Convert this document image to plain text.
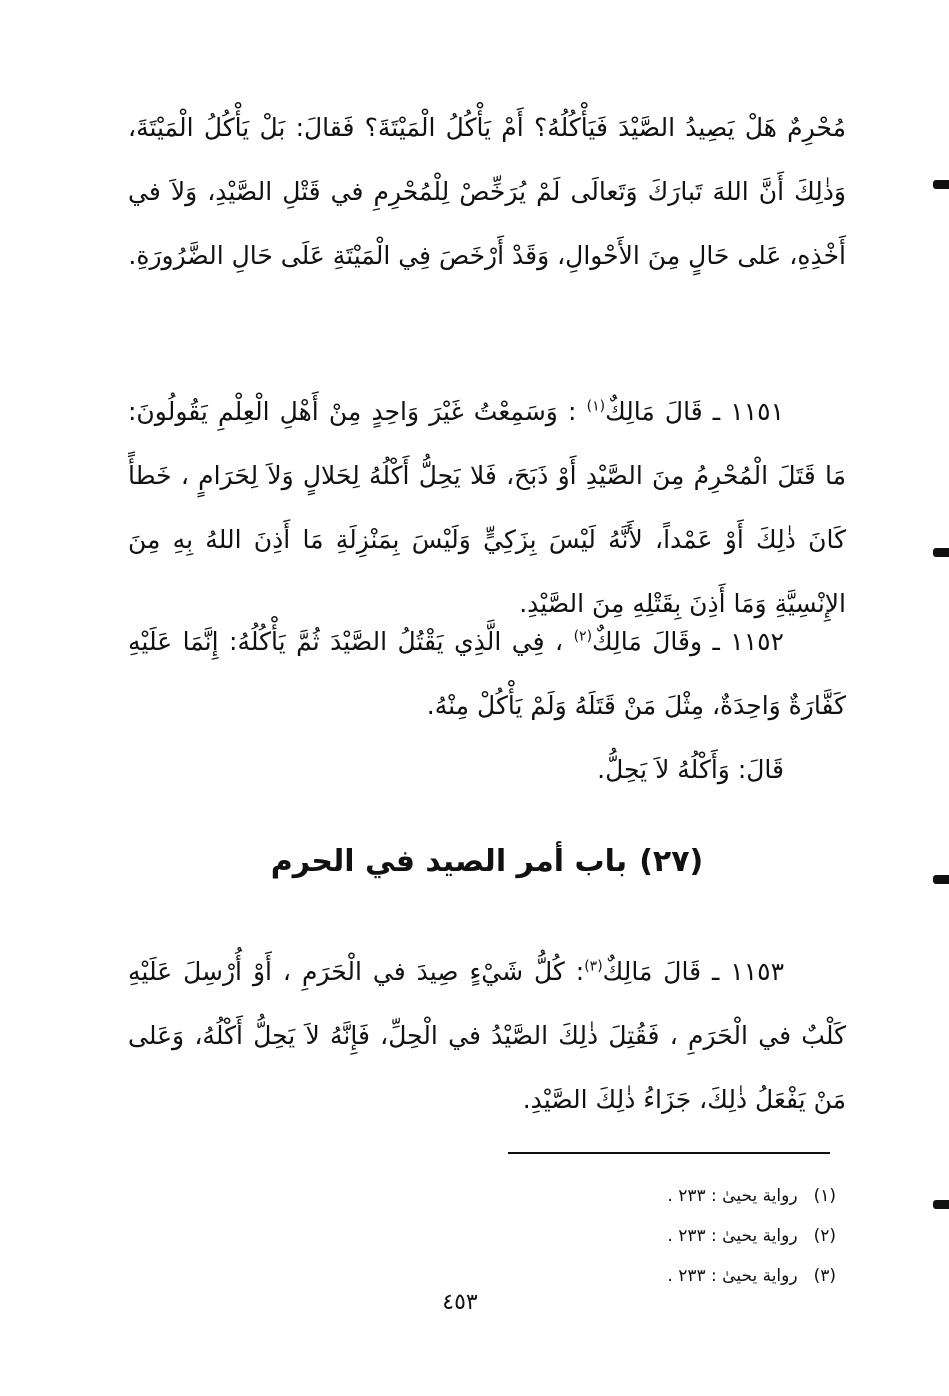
مُحْرِمٌ هَلْ يَصِيدُ الصَّيْدَ فَيَأْكُلُهُ؟ أَمْ يَأْكُلُ الْمَيْتَةَ؟ فَقالَ: بَلْ يَأْكُلُ الْمَيْتَةَ، وَذٰلِكَ أَنَّ اللهَ تَبارَكَ وَتَعالَى لَمْ يُرَخِّصْ لِلْمُحْرِمِ في قَتْلِ الصَّيْدِ، وَلاَ في أَخْذِهِ، عَلى حَالٍ مِنَ الأَحْوالِ، وَقَدْ أَرْخَصَ فِي الْمَيْتَةِ عَلَى حَالِ الضَّرُورَةِ.

١١٥١ ـ قَالَ مَالِكٌ$^{(١)}$ : وَسَمِعْتُ غَيْرَ وَاحِدٍ مِنْ أَهْلِ الْعِلْمِ يَقُولُونَ: مَا قَتَلَ الْمُحْرِمُ مِنَ الصَّيْدِ أَوْ ذَبَحَ، فَلا يَحِلُّ أَكْلُهُ لِحَلالٍ وَلاَ لِحَرَامٍ ، خَطأً كَانَ ذٰلِكَ أَوْ عَمْداً، لأَنَّهُ لَيْسَ بِزَكِيٍّ وَلَيْسَ بِمَنْزِلَةِ مَا أَذِنَ اللهُ بِهِ مِنَ الإِنْسِيَّةِ وَمَا أَذِنَ بِقَتْلِهِ مِنَ الصَّيْدِ.

١١٥٢ ـ وقَالَ مَالِكٌ$^{(٢)}$ ، فِي الَّذِي يَقْتُلُ الصَّيْدَ ثُمَّ يَأْكُلُهُ: إِنَّمَا عَلَيْهِ كَفَّارَةٌ وَاحِدَةٌ، مِثْلَ مَنْ قَتَلَهُ وَلَمْ يَأْكُلْ مِنْهُ.

قَالَ: وَأَكْلُهُ لاَ يَحِلُّ.

(٢٧)باب أمر الصيد في الحرم

١١٥٣ ـ قَالَ مَالِكٌ$^{(٣)}$: كُلُّ شَيْءٍ صِيدَ في الْحَرَمِ ، أَوْ أُرْسِلَ عَلَيْهِ كَلْبٌ في الْحَرَمِ ، فَقُتِلَ ذٰلِكَ الصَّيْدُ في الْحِلِّ، فَإِنَّهُ لاَ يَحِلُّ أَكْلُهُ، وَعَلى مَنْ يَفْعَلُ ذٰلِكَ، جَزَاءُ ذٰلِكَ الصَّيْدِ.

(١)رواية يحيىٰ : ٢٣٣ .
(٢)رواية يحيىٰ : ٢٣٣ .
(٣)رواية يحيىٰ : ٢٣٣ .
٤٥٣
